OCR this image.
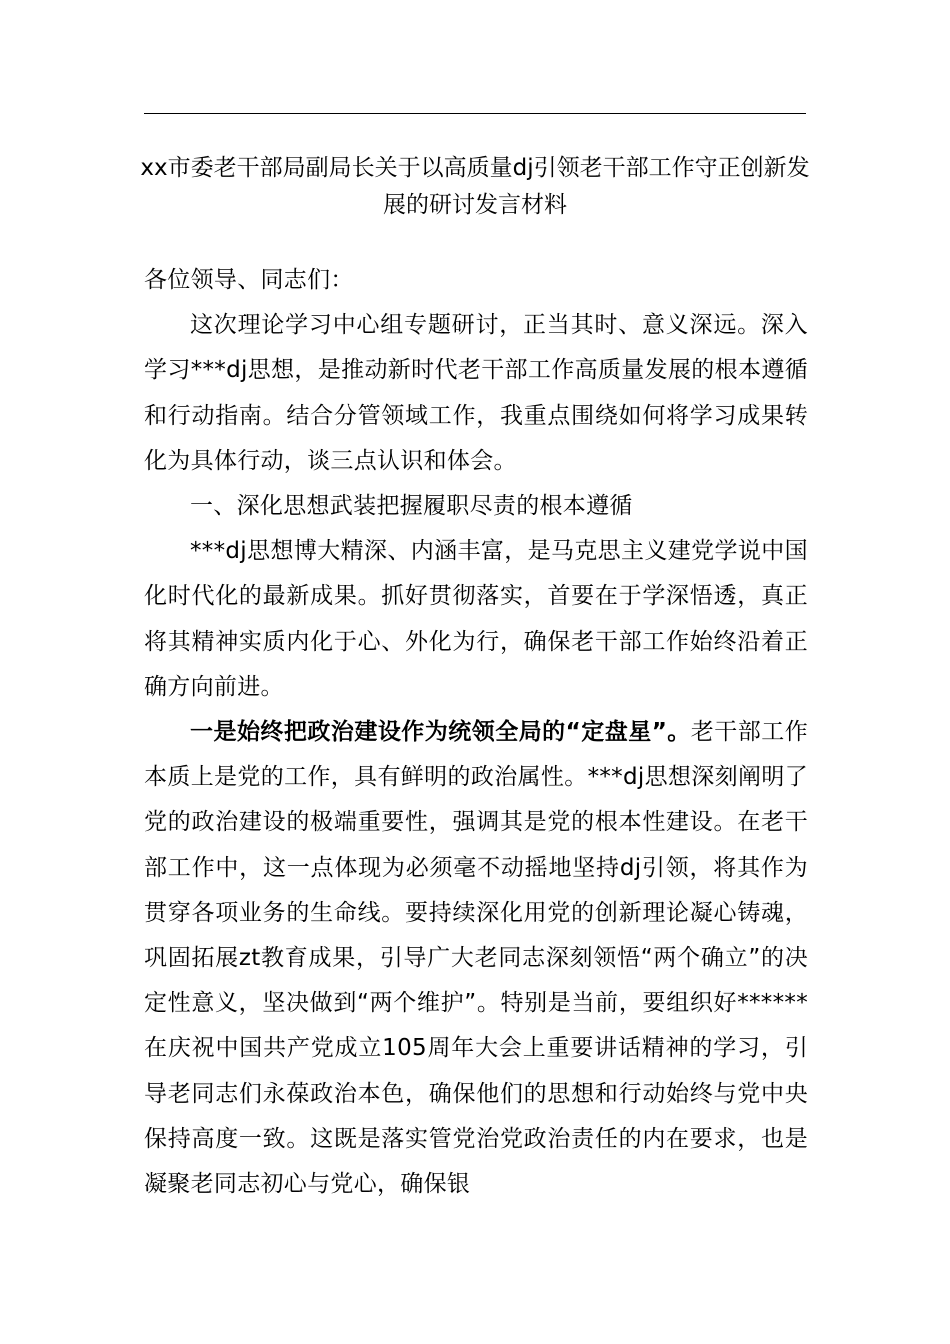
xx市委老干部局副局长关于以高质量dj引领老干部工作守正创新发展的研讨发言材料

各位领导、同志们：

这次理论学习中心组专题研讨，正当其时、意义深远。深入学习***dj思想，是推动新时代老干部工作高质量发展的根本遵循和行动指南。结合分管领域工作，我重点围绕如何将学习成果转化为具体行动，谈三点认识和体会。

一、深化思想武装把握履职尽责的根本遵循

***dj思想博大精深、内涵丰富，是马克思主义建党学说中国化时代化的最新成果。抓好贯彻落实，首要在于学深悟透，真正将其精神实质内化于心、外化为行，确保老干部工作始终沿着正确方向前进。

一是始终把政治建设作为统领全局的“定盘星”。老干部工作本质上是党的工作，具有鲜明的政治属性。***dj思想深刻阐明了党的政治建设的极端重要性，强调其是党的根本性建设。在老干部工作中，这一点体现为必须毫不动摇地坚持dj引领，将其作为贯穿各项业务的生命线。要持续深化用党的创新理论凝心铸魂，巩固拓展zt教育成果，引导广大老同志深刻领悟“两个确立”的决定性意义，坚决做到“两个维护”。特别是当前，要组织好******在庆祝中国共产党成立105周年大会上重要讲话精神的学习，引导老同志们永葆政治本色，确保他们的思想和行动始终与党中央保持高度一致。这既是落实管党治党政治责任的内在要求，也是凝聚老同志初心与党心，确保银
